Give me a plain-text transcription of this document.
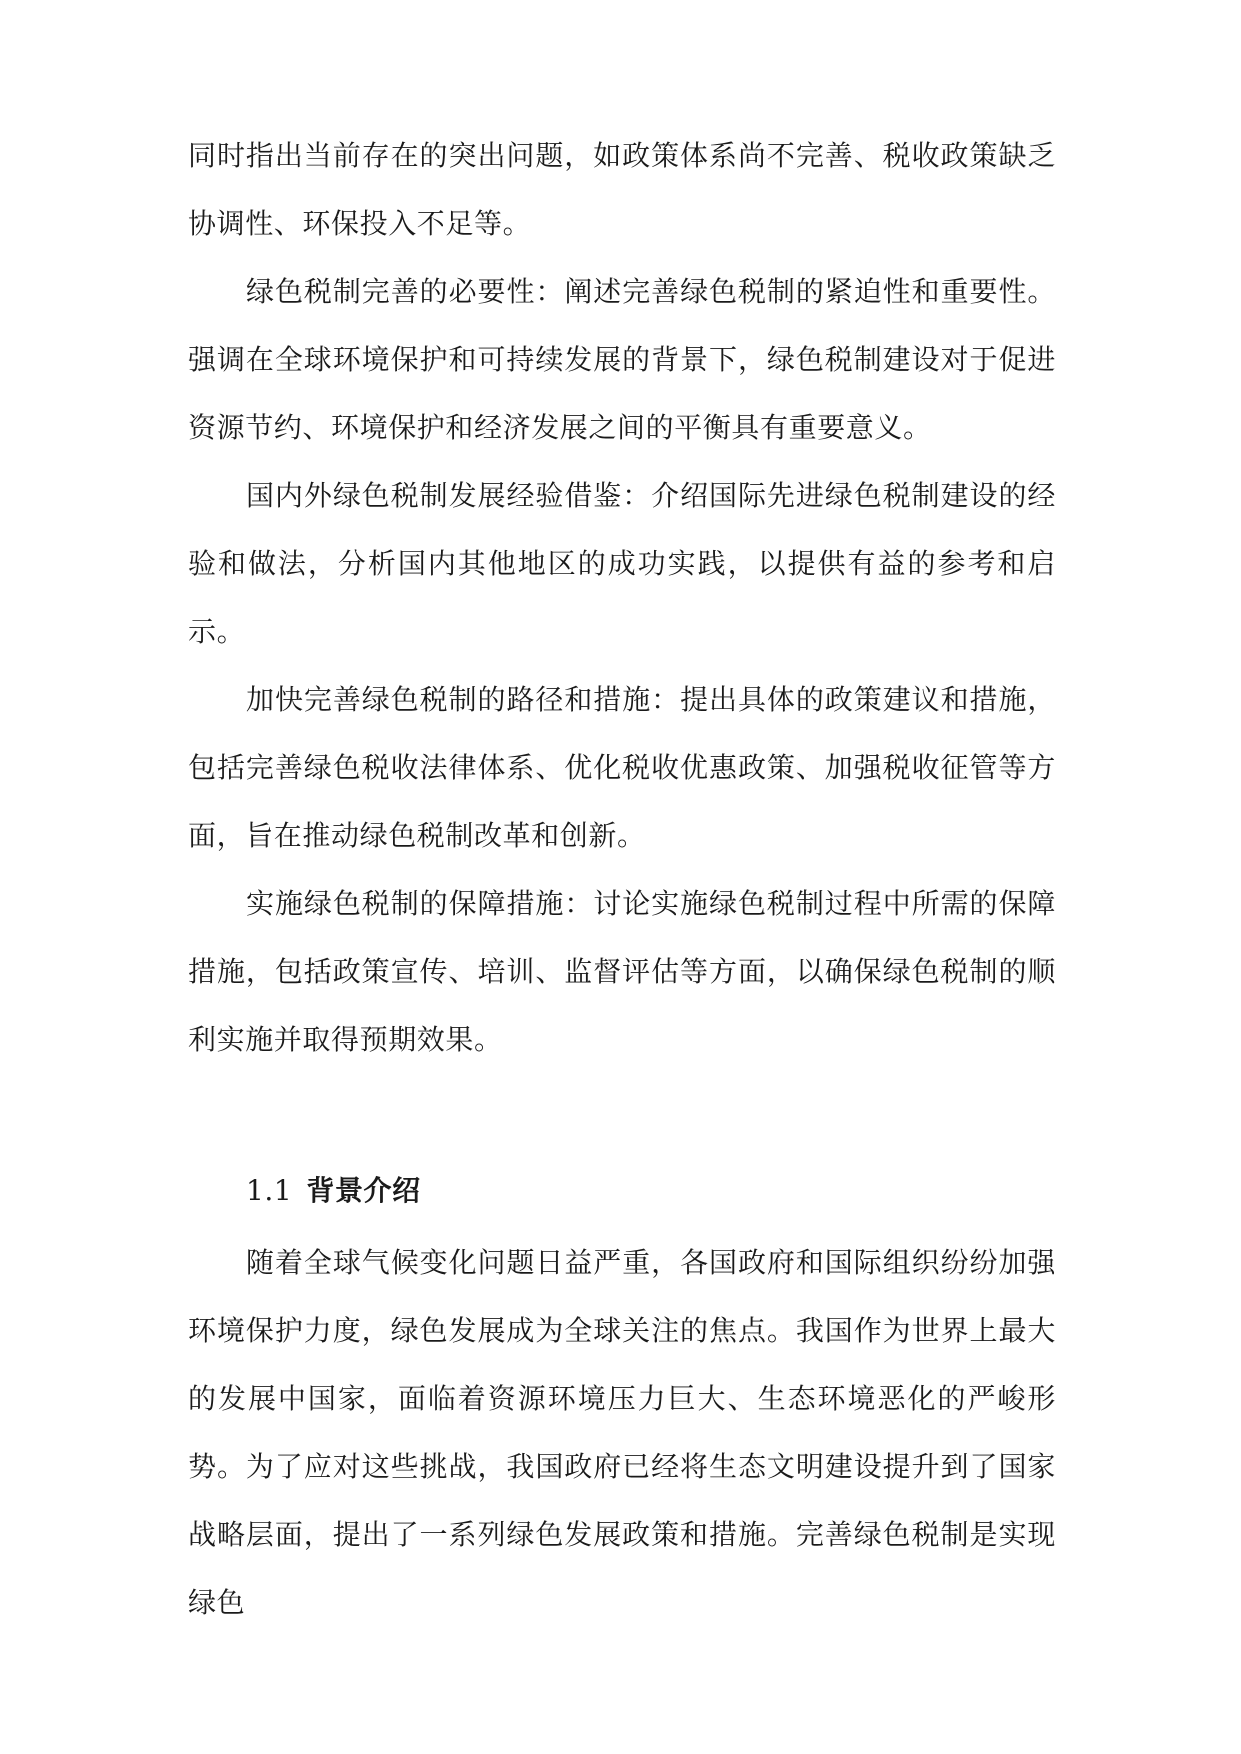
同时指出当前存在的突出问题，如政策体系尚不完善、税收政策缺乏协调性、环保投入不足等。

绿色税制完善的必要性：阐述完善绿色税制的紧迫性和重要性。强调在全球环境保护和可持续发展的背景下，绿色税制建设对于促进资源节约、环境保护和经济发展之间的平衡具有重要意义。

国内外绿色税制发展经验借鉴：介绍国际先进绿色税制建设的经验和做法，分析国内其他地区的成功实践，以提供有益的参考和启示。

加快完善绿色税制的路径和措施：提出具体的政策建议和措施，包括完善绿色税收法律体系、优化税收优惠政策、加强税收征管等方面，旨在推动绿色税制改革和创新。

实施绿色税制的保障措施：讨论实施绿色税制过程中所需的保障措施，包括政策宣传、培训、监督评估等方面，以确保绿色税制的顺利实施并取得预期效果。

1.1 背景介绍

随着全球气候变化问题日益严重，各国政府和国际组织纷纷加强环境保护力度，绿色发展成为全球关注的焦点。我国作为世界上最大的发展中国家，面临着资源环境压力巨大、生态环境恶化的严峻形势。为了应对这些挑战，我国政府已经将生态文明建设提升到了国家战略层面，提出了一系列绿色发展政策和措施。完善绿色税制是实现绿色
